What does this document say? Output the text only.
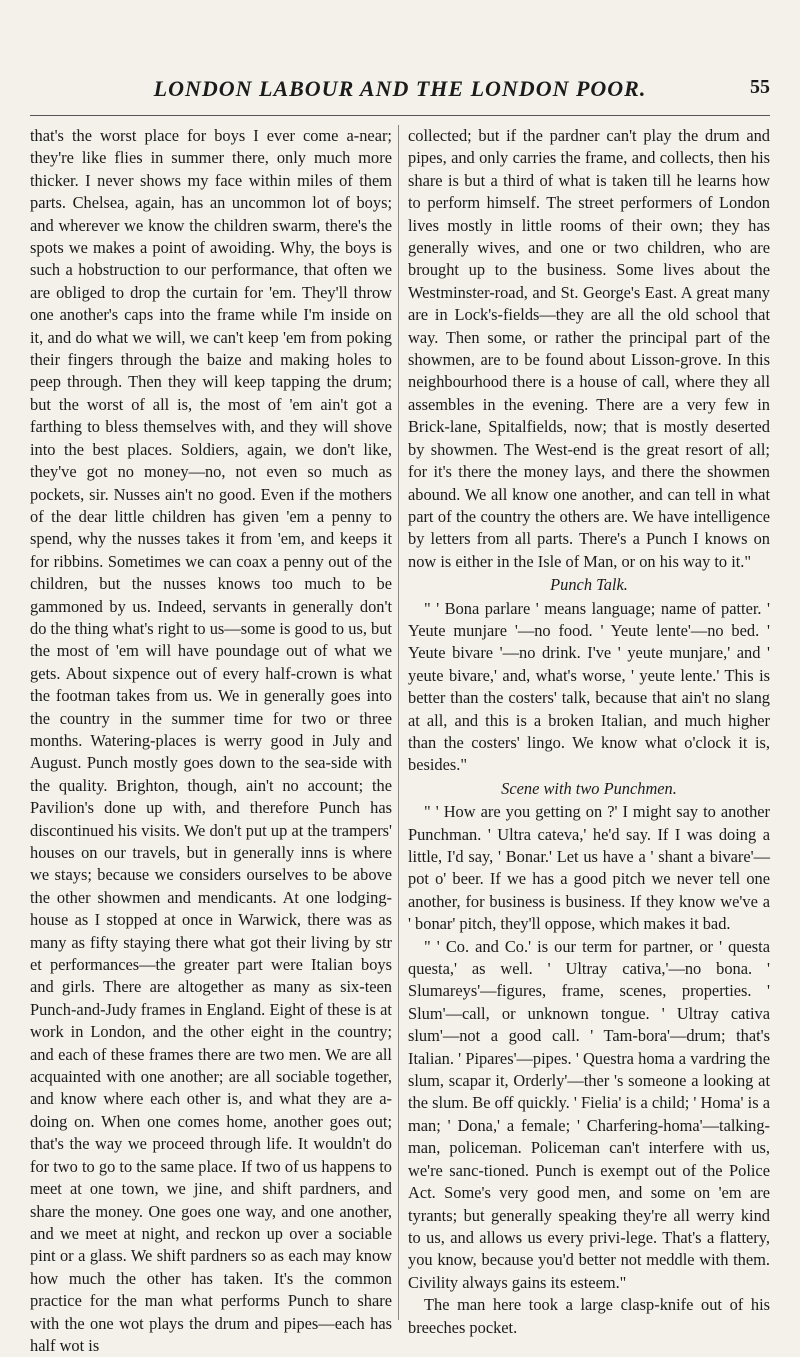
LONDON LABOUR AND THE LONDON POOR.	55

that's the worst place for boys I ever come a-near; they're like flies in summer there, only much more thicker. I never shows my face within miles of them parts. Chelsea, again, has an uncommon lot of boys; and wherever we know the children swarm, there's the spots we makes a point of awoiding. Why, the boys is such a hobstruction to our performance, that often we are obliged to drop the curtain for 'em. They'll throw one another's caps into the frame while I'm inside on it, and do what we will, we can't keep 'em from poking their fingers through the baize and making holes to peep through. Then they will keep tapping the drum; but the worst of all is, the most of 'em ain't got a farthing to bless themselves with, and they will shove into the best places. Soldiers, again, we don't like, they've got no money—no, not even so much as pockets, sir. Nusses ain't no good. Even if the mothers of the dear little children has given 'em a penny to spend, why the nusses takes it from 'em, and keeps it for ribbins. Sometimes we can coax a penny out of the children, but the nusses knows too much to be gammoned by us. Indeed, servants in generally don't do the thing what's right to us—some is good to us, but the most of 'em will have poundage out of what we gets. About sixpence out of every half-crown is what the footman takes from us. We in generally goes into the country in the summer time for two or three months. Watering-places is werry good in July and August. Punch mostly goes down to the sea-side with the quality. Brighton, though, ain't no account; the Pavilion's done up with, and therefore Punch has discontinued his visits. We don't put up at the trampers' houses on our travels, but in generally inns is where we stays; because we considers ourselves to be above the other showmen and mendicants. At one lodging-house as I stopped at once in Warwick, there was as many as fifty staying there what got their living by str et performances—the greater part were Italian boys and girls. There are altogether as many as six-teen Punch-and-Judy frames in England. Eight of these is at work in London, and the other eight in the country; and each of these frames there are two men. We are all acquainted with one another; are all sociable together, and know where each other is, and what they are a-doing on. When one comes home, another goes out; that's the way we proceed through life. It wouldn't do for two to go to the same place. If two of us happens to meet at one town, we jine, and shift pardners, and share the money. One goes one way, and one another, and we meet at night, and reckon up over a sociable pint or a glass. We shift pardners so as each may know how much the other has taken. It's the common practice for the man what performs Punch to share with the one wot plays the drum and pipes—each has half wot is

collected; but if the pardner can't play the drum and pipes, and only carries the frame, and collects, then his share is but a third of what is taken till he learns how to perform himself. The street performers of London lives mostly in little rooms of their own; they has generally wives, and one or two children, who are brought up to the business. Some lives about the Westminster-road, and St. George's East. A great many are in Lock's-fields—they are all the old school that way. Then some, or rather the principal part of the showmen, are to be found about Lisson-grove. In this neighbourhood there is a house of call, where they all assembles in the evening. There are a very few in Brick-lane, Spitalfields, now; that is mostly deserted by showmen. The West-end is the great resort of all; for it's there the money lays, and there the showmen abound. We all know one another, and can tell in what part of the country the others are. We have intelligence by letters from all parts. There's a Punch I knows on now is either in the Isle of Man, or on his way to it."

Punch Talk.

" ' Bona parlare ' means language; name of patter. ' Yeute munjare '—no food. ' Yeute lente'—no bed. ' Yeute bivare '—no drink. I've ' yeute munjare,' and ' yeute bivare,' and, what's worse, ' yeute lente.' This is better than the costers' talk, because that ain't no slang at all, and this is a broken Italian, and much higher than the costers' lingo. We know what o'clock it is, besides."

Scene with two Punchmen.

" ' How are you getting on ?' I might say to another Punchman. ' Ultra cateva,' he'd say. If I was doing a little, I'd say, ' Bonar.' Let us have a ' shant a bivare'—pot o' beer. If we has a good pitch we never tell one another, for business is business. If they know we've a ' bonar' pitch, they'll oppose, which makes it bad.

" ' Co. and Co.' is our term for partner, or ' questa questa,' as well. ' Ultray cativa,'—no bona. ' Slumareys'—figures, frame, scenes, properties. ' Slum'—call, or unknown tongue. ' Ultray cativa slum'—not a good call. ' Tam-bora'—drum; that's Italian. ' Pipares'—pipes. ' Questra homa a vardring the slum, scapar it, Orderly'—ther 's someone a looking at the slum. Be off quickly. ' Fielia' is a child; ' Homa' is a man; ' Dona,' a female; ' Charfering-homa'—talking-man, policeman. Policeman can't interfere with us, we're sanc-tioned. Punch is exempt out of the Police Act. Some's very good men, and some on 'em are tyrants; but generally speaking they're all werry kind to us, and allows us every privi-lege. That's a flattery, you know, because you'd better not meddle with them. Civility always gains its esteem."

The man here took a large clasp-knife out of his breeches pocket.
